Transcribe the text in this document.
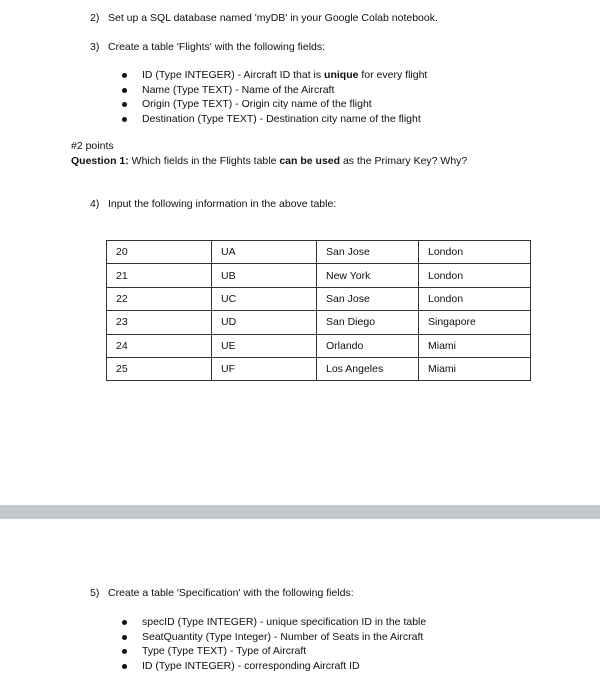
2) Set up a SQL database named 'myDB' in your Google Colab notebook.
3) Create a table 'Flights' with the following fields:
ID (Type INTEGER) - Aircraft ID that is unique for every flight
Name (Type TEXT) - Name of the Aircraft
Origin (Type TEXT) - Origin city name of the flight
Destination (Type TEXT) - Destination city name of the flight
#2 points
Question 1: Which fields in the Flights table can be used as the Primary Key? Why?
4) Input the following information in the above table:
20	UA	San Jose	London
21	UB	New York	London
22	UC	San Jose	London
23	UD	San Diego	Singapore
24	UE	Orlando	Miami
25	UF	Los Angeles	Miami
5) Create a table 'Specification' with the following fields:
specID (Type INTEGER) - unique specification ID in the table
SeatQuantity (Type Integer) - Number of Seats in the Aircraft
Type (Type TEXT) - Type of Aircraft
ID (Type INTEGER) - corresponding Aircraft ID
